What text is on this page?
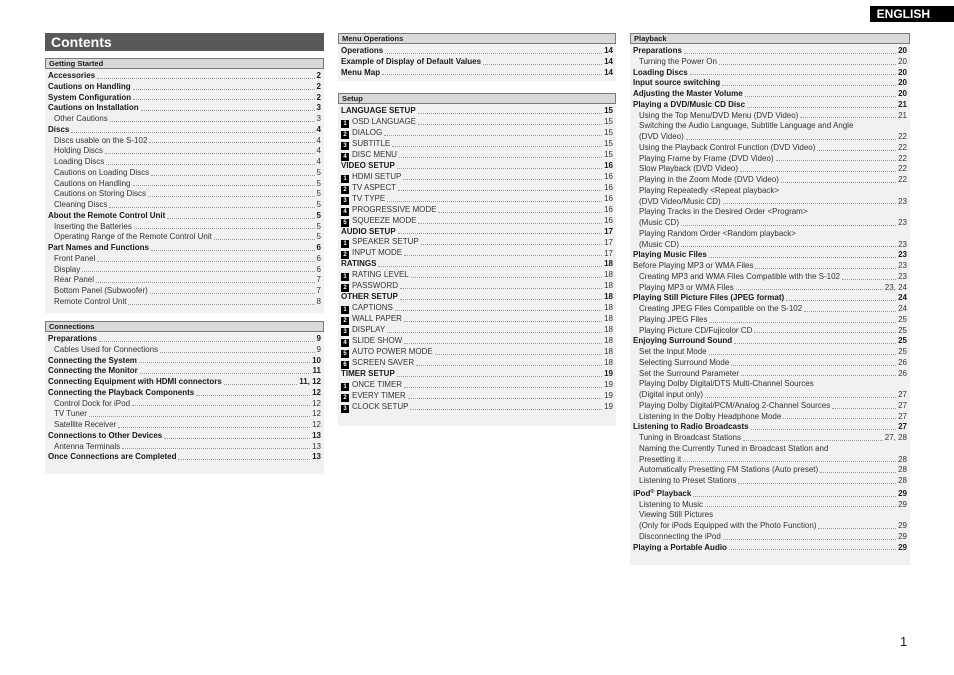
ENGLISH
Contents
Getting Started
Accessories	2
Cautions on Handling	2
System Configuration	2
Cautions on Installation	3
Other Cautions	3
Discs	4
Discs usable on the S-102	4
Holding Discs	4
Loading Discs	4
Cautions on Loading Discs	5
Cautions on Handling	5
Cautions on Storing Discs	5
Cleaning Discs	5
About the Remote Control Unit	5
Inserting the Batteries	5
Operating Range of the Remote Control Unit	5
Part Names and Functions	6
Front Panel	6
Display	6
Rear Panel	7
Bottom Panel (Subwoofer)	7
Remote Control Unit	8
Connections
Preparations	9
Cables Used for Connections	9
Connecting the System	10
Connecting the Monitor	11
Connecting Equipment with HDMI connectors	11, 12
Connecting the Playback Components	12
Control Dock for iPod	12
TV Tuner	12
Satellite Receiver	12
Connections to Other Devices	13
Antenna Terminals	13
Once Connections are Completed	13
Menu Operations
Operations	14
Example of Display of Default Values	14
Menu Map	14
Setup
LANGUAGE SETUP	15
1 OSD LANGUAGE	15
2 DIALOG	15
3 SUBTITLE	15
4 DISC MENU	15
VIDEO SETUP	16
1 HDMI SETUP	16
2 TV ASPECT	16
3 TV TYPE	16
4 PROGRESSIVE MODE	16
5 SQUEEZE MODE	16
AUDIO SETUP	17
1 SPEAKER SETUP	17
2 INPUT MODE	17
RATINGS	18
1 RATING LEVEL	18
2 PASSWORD	18
OTHER SETUP	18
1 CAPTIONS	18
2 WALL PAPER	18
3 DISPLAY	18
4 SLIDE SHOW	18
5 AUTO POWER MODE	18
6 SCREEN SAVER	18
TIMER SETUP	19
1 ONCE TIMER	19
2 EVERY TIMER	19
3 CLOCK SETUP	19
Playback
Preparations	20
Turning the Power On	20
Loading Discs	20
Input source switching	20
Adjusting the Master Volume	20
Playing a DVD/Music CD Disc	21
Using the Top Menu/DVD Menu (DVD Video)	21
Switching the Audio Language, Subtitle Language and Angle
(DVD Video)	22
Using the Playback Control Function (DVD Video)	22
Playing Frame by Frame (DVD Video)	22
Slow Playback (DVD Video)	22
Playing in the Zoom Mode (DVD Video)	22
Playing Repeatedly <Repeat playback>
(DVD Video/Music CD)	23
Playing Tracks in the Desired Order <Program>
(Music CD)	23
Playing Random Order <Random playback>
(Music CD)	23
Playing Music Files	23
Before Playing MP3 or WMA Files	23
Creating MP3 and WMA Files Compatible with the S-102	23
Playing MP3 or WMA Files	23, 24
Playing Still Picture Files (JPEG format)	24
Creating JPEG Files Compatible on the S-102	24
Playing JPEG Files	25
Playing Picture CD/Fujicolor CD	25
Enjoying Surround Sound	25
Set the Input Mode	25
Selecting Surround Mode	26
Set the Surround Parameter	26
Playing Dolby Digital/DTS Multi-Channel Sources
(Digital input only)	27
Playing Dolby Digital/PCM/Analog 2-Channel Sources	27
Listening in the Dolby Headphone Mode	27
Listening to Radio Broadcasts	27
Tuning in Broadcast Stations	27, 28
Naming the Currently Tuned in Broadcast Station and
Presetting it	28
Automatically Presetting FM Stations (Auto preset)	28
Listening to Preset Stations	28
iPod® Playback	29
Listening to Music	29
Viewing Still Pictures
(Only for iPods Equipped with the Photo Function)	29
Disconnecting the iPod	29
Playing a Portable Audio	29
1
